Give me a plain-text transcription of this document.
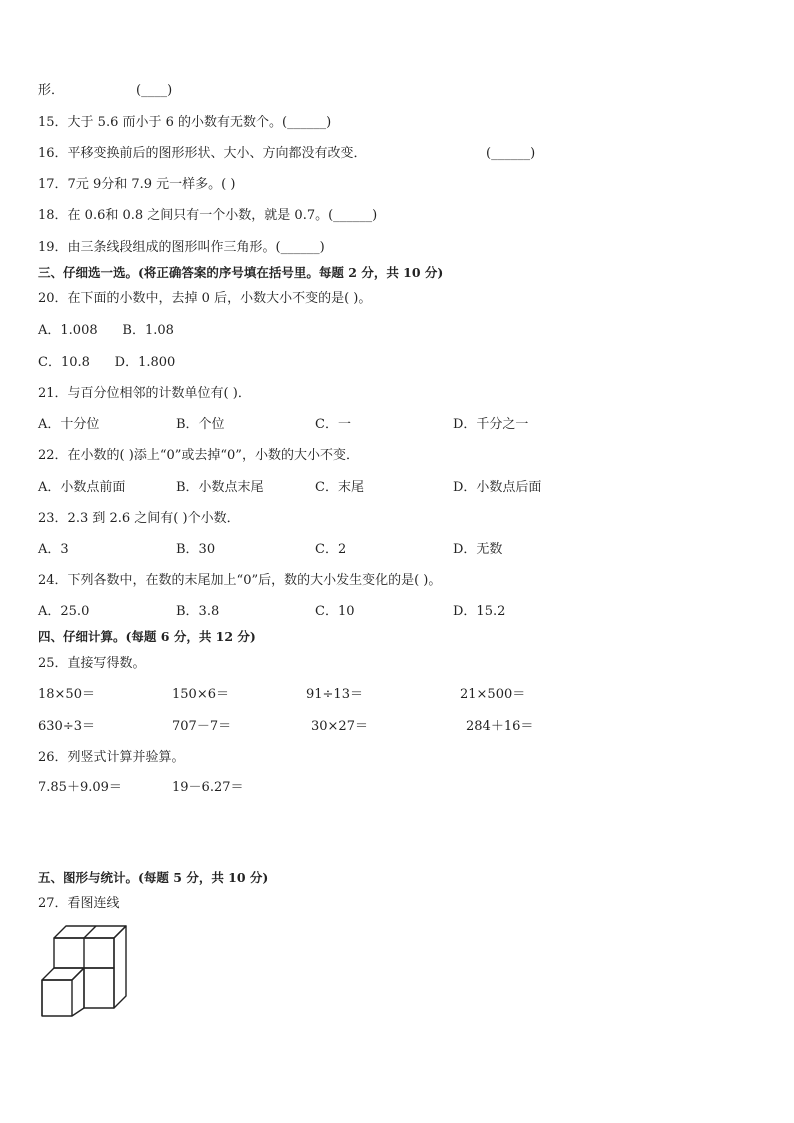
形．	(____)
15．大于 5.6 而小于 6 的小数有无数个。(______)
16．平移变换前后的图形形状、大小、方向都没有改变．	(______)
17．7元 9分和 7.9 元一样多。( )
18．在 0.6和 0.8 之间只有一个小数，就是 0.7。(______)
19．由三条线段组成的图形叫作三角形。(______)
三、仔细选一选。(将正确答案的序号填在括号里。每题 2 分，共 10 分)
20．在下面的小数中，去掉 0 后，小数大小不变的是( )。
A．1.008      B．1.08
C．10.8      D．1.800
21．与百分位相邻的计数单位有( )．
A．十分位	B．个位	C．一	D．千分之一
22．在小数的( )添上“0”或去掉“0”，小数的大小不变．
A．小数点前面	B．小数点末尾	C．末尾	D．小数点后面
23．2.3 到 2.6 之间有( )个小数．
A．3	B．30	C．2	D．无数
24．下列各数中，在数的末尾加上“0”后，数的大小发生变化的是( )。
A．25.0	B．3.8	C．10	D．15.2
四、仔细计算。(每题 6 分，共 12 分)
25．直接写得数。
18×50＝	150×6＝	91÷13＝	21×500＝
630÷3＝	707－7＝	30×27＝	284＋16＝
26．列竖式计算并验算。
7.85＋9.09＝	19－6.27＝
五、图形与统计。(每题 5 分，共 10 分)
27．看图连线
